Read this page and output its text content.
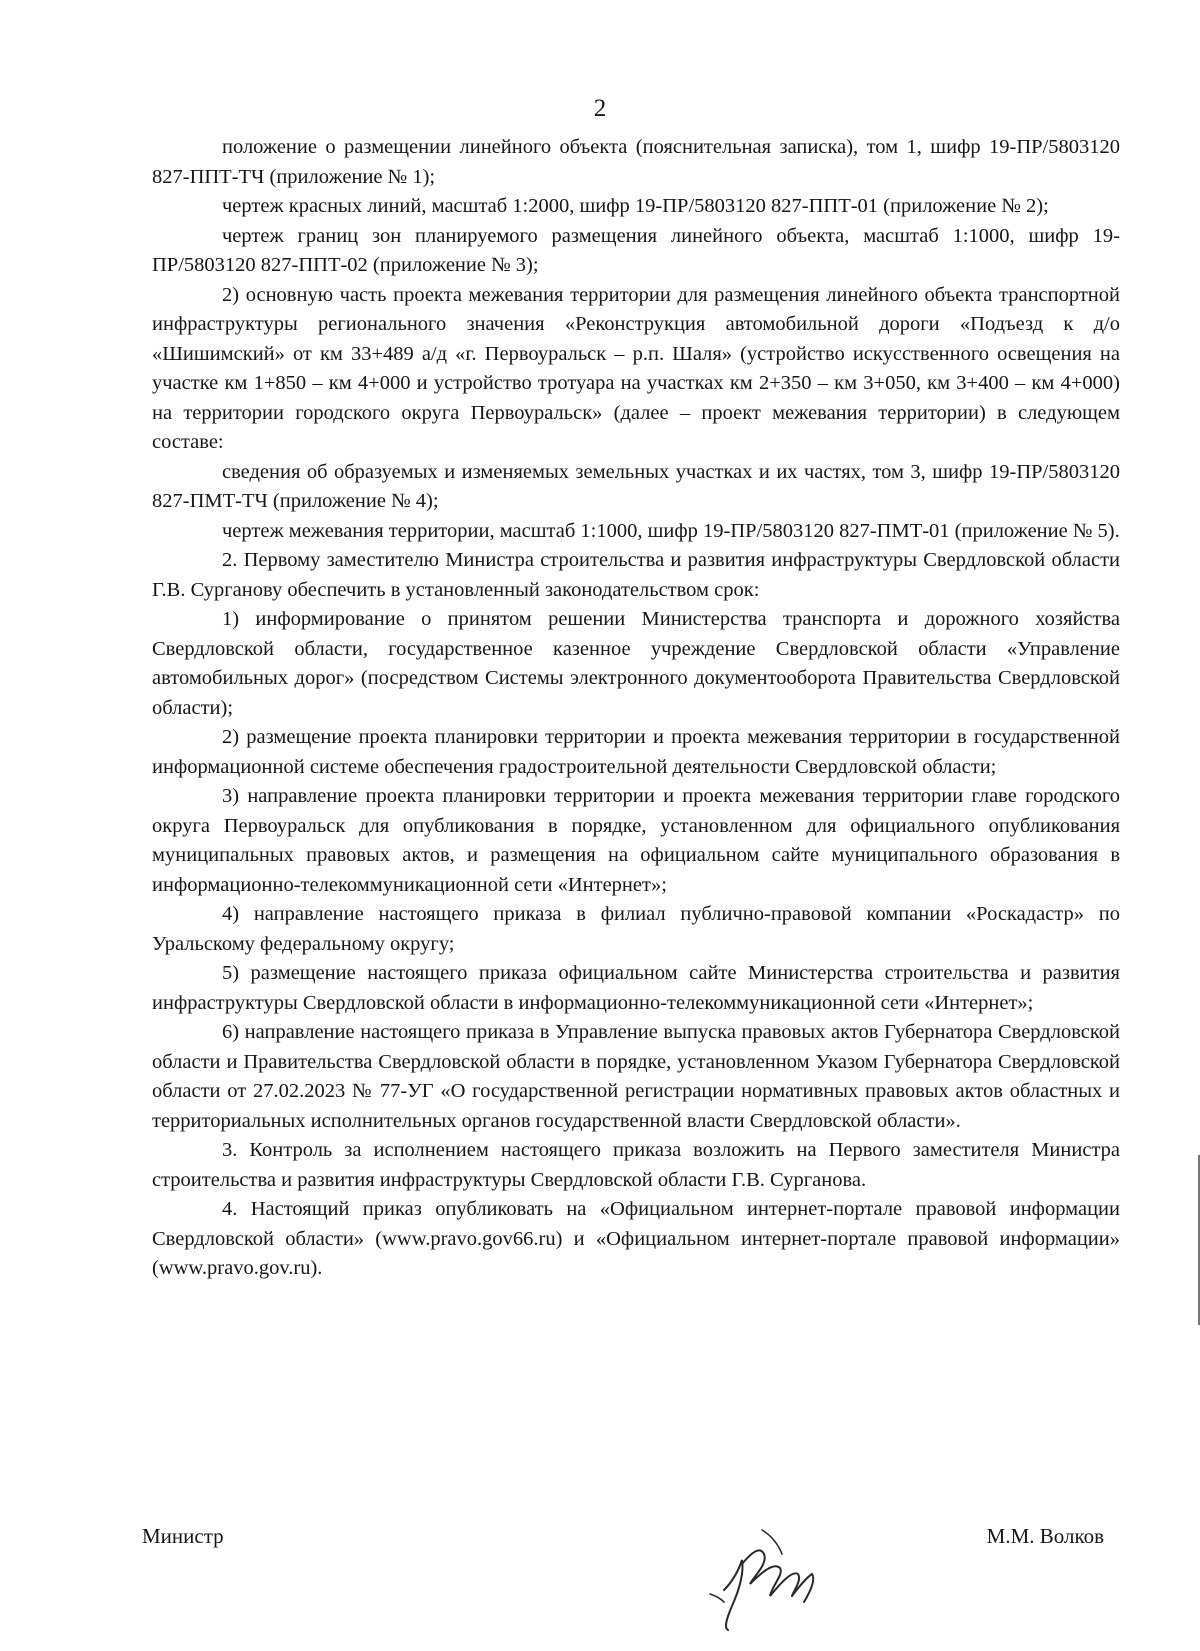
2

положение о размещении линейного объекта (пояснительная записка), том 1, шифр 19-ПР/5803120 827-ППТ-ТЧ (приложение № 1);

чертеж красных линий, масштаб 1:2000, шифр 19-ПР/5803120 827-ППТ-01 (приложение № 2);

чертеж границ зон планируемого размещения линейного объекта, масштаб 1:1000, шифр 19-ПР/5803120 827-ППТ-02 (приложение № 3);

2) основную часть проекта межевания территории для размещения линейного объекта транспортной инфраструктуры регионального значения «Реконструкция автомобильной дороги «Подъезд к д/о «Шишимский» от км 33+489 а/д «г. Первоуральск – р.п. Шаля» (устройство искусственного освещения на участке км 1+850 – км 4+000 и устройство тротуара на участках км 2+350 – км 3+050, км 3+400 – км 4+000) на территории городского округа Первоуральск» (далее – проект межевания территории) в следующем составе:

сведения об образуемых и изменяемых земельных участках и их частях, том 3, шифр 19-ПР/5803120 827-ПМТ-ТЧ (приложение № 4);

чертеж межевания территории, масштаб 1:1000, шифр 19-ПР/5803120 827-ПМТ-01 (приложение № 5).

2. Первому заместителю Министра строительства и развития инфраструктуры Свердловской области Г.В. Сурганову обеспечить в установленный законодательством срок:

1) информирование о принятом решении Министерства транспорта и дорожного хозяйства Свердловской области, государственное казенное учреждение Свердловской области «Управление автомобильных дорог» (посредством Системы электронного документооборота Правительства Свердловской области);

2) размещение проекта планировки территории и проекта межевания территории в государственной информационной системе обеспечения градостроительной деятельности Свердловской области;

3) направление проекта планировки территории и проекта межевания территории главе городского округа Первоуральск для опубликования в порядке, установленном для официального опубликования муниципальных правовых актов, и размещения на официальном сайте муниципального образования в информационно-телекоммуникационной сети «Интернет»;

4) направление настоящего приказа в филиал публично-правовой компании «Роскадастр» по Уральскому федеральному округу;

5) размещение настоящего приказа официальном сайте Министерства строительства и развития инфраструктуры Свердловской области в информационно-телекоммуникационной сети «Интернет»;

6) направление настоящего приказа в Управление выпуска правовых актов Губернатора Свердловской области и Правительства Свердловской области в порядке, установленном Указом Губернатора Свердловской области от 27.02.2023 № 77-УГ «О государственной регистрации нормативных правовых актов областных и территориальных исполнительных органов государственной власти Свердловской области».

3. Контроль за исполнением настоящего приказа возложить на Первого заместителя Министра строительства и развития инфраструктуры Свердловской области Г.В. Сурганова.

4. Настоящий приказ опубликовать на «Официальном интернет-портале правовой информации Свердловской области» (www.pravo.gov66.ru) и «Официальном интернет-портале правовой информации» (www.pravo.gov.ru).

Министр	М.М. Волков
